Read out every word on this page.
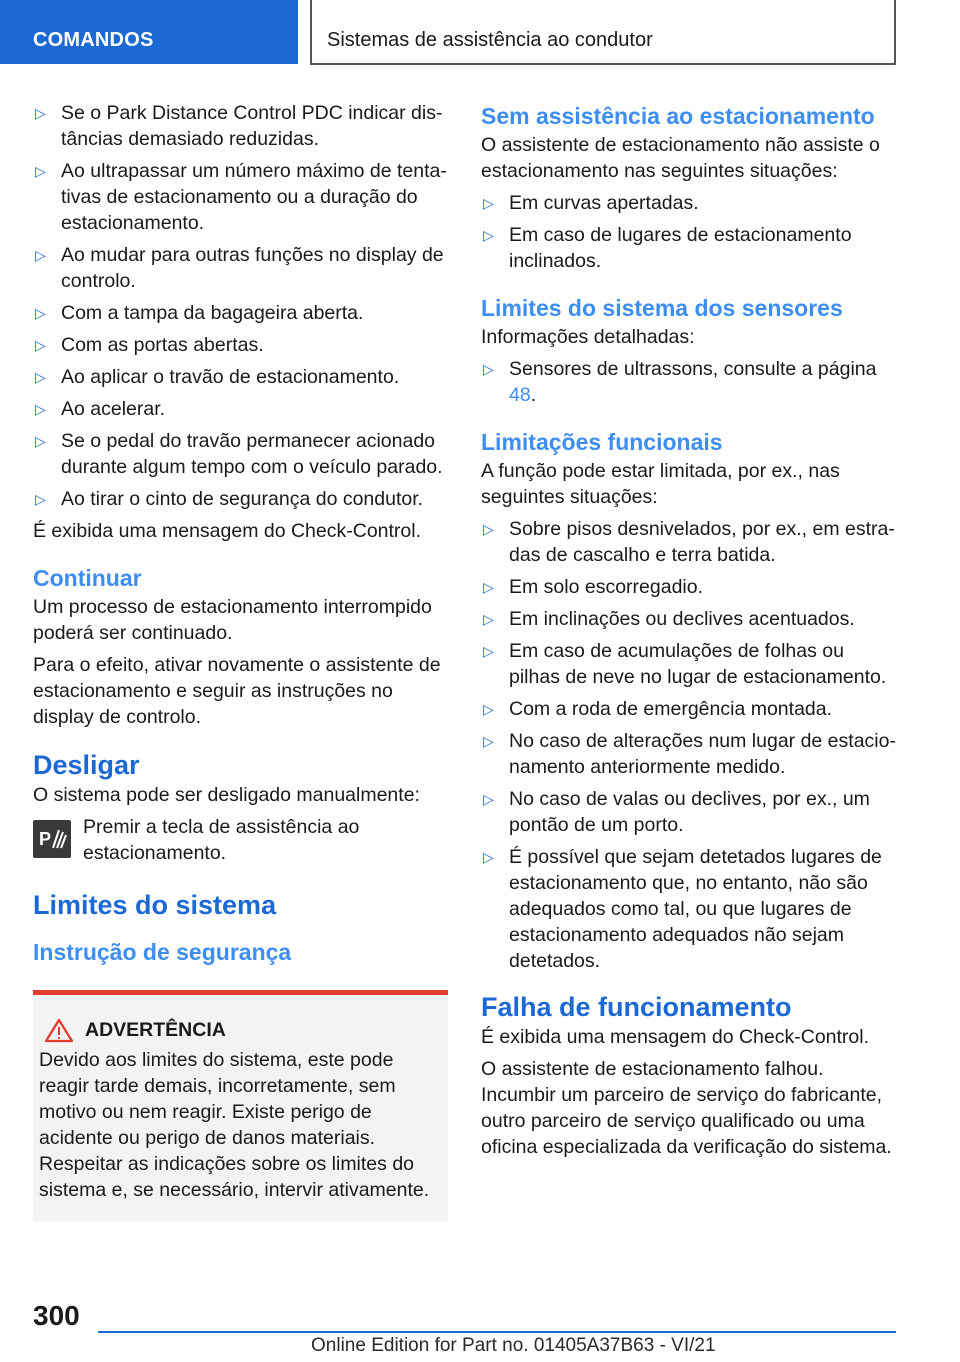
COMANDOS	Sistemas de assistência ao condutor
▷ Se o Park Distance Control PDC indicar distâncias demasiado reduzidas.
▷ Ao ultrapassar um número máximo de tentativas de estacionamento ou a duração do estacionamento.
▷ Ao mudar para outras funções no display de controlo.
▷ Com a tampa da bagageira aberta.
▷ Com as portas abertas.
▷ Ao aplicar o travão de estacionamento.
▷ Ao acelerar.
▷ Se o pedal do travão permanecer acionado durante algum tempo com o veículo parado.
▷ Ao tirar o cinto de segurança do condutor.

É exibida uma mensagem do Check-Control.

Continuar

Um processo de estacionamento interrompido poderá ser continuado.

Para o efeito, ativar novamente o assistente de estacionamento e seguir as instruções no display de controlo.

Desligar

O sistema pode ser desligado manualmente:

P
Premir a tecla de assistência ao estacionamento.
Limites do sistema
Instrução de segurança
ADVERTÊNCIA

Devido aos limites do sistema, este pode reagir tarde demais, incorretamente, sem motivo ou nem reagir. Existe perigo de acidente ou perigo de danos materiais. Respeitar as indicações sobre os limites do sistema e, se necessário, intervir ativamente.

Sem assistência ao estacionamento

O assistente de estacionamento não assiste o estacionamento nas seguintes situações:

▷ Em curvas apertadas.
▷ Em caso de lugares de estacionamento inclinados.
Limites do sistema dos sensores

Informações detalhadas:

▷ Sensores de ultrassons, consulte a página 48.
Limitações funcionais

A função pode estar limitada, por ex., nas seguintes situações:

▷ Sobre pisos desnivelados, por ex., em estradas de cascalho e terra batida.
▷ Em solo escorregadio.
▷ Em inclinações ou declives acentuados.
▷ Em caso de acumulações de folhas ou pilhas de neve no lugar de estacionamento.
▷ Com a roda de emergência montada.
▷ No caso de alterações num lugar de estacionamento anteriormente medido.
▷ No caso de valas ou declives, por ex., um pontão de um porto.
▷ É possível que sejam detetados lugares de estacionamento que, no entanto, não são adequados como tal, ou que lugares de estacionamento adequados não sejam detetados.
Falha de funcionamento

É exibida uma mensagem do Check-Control.

O assistente de estacionamento falhou. Incumbir um parceiro de serviço do fabricante, outro parceiro de serviço qualificado ou uma oficina especializada da verificação do sistema.

300
Online Edition for Part no. 01405A37B63 - VI/21
